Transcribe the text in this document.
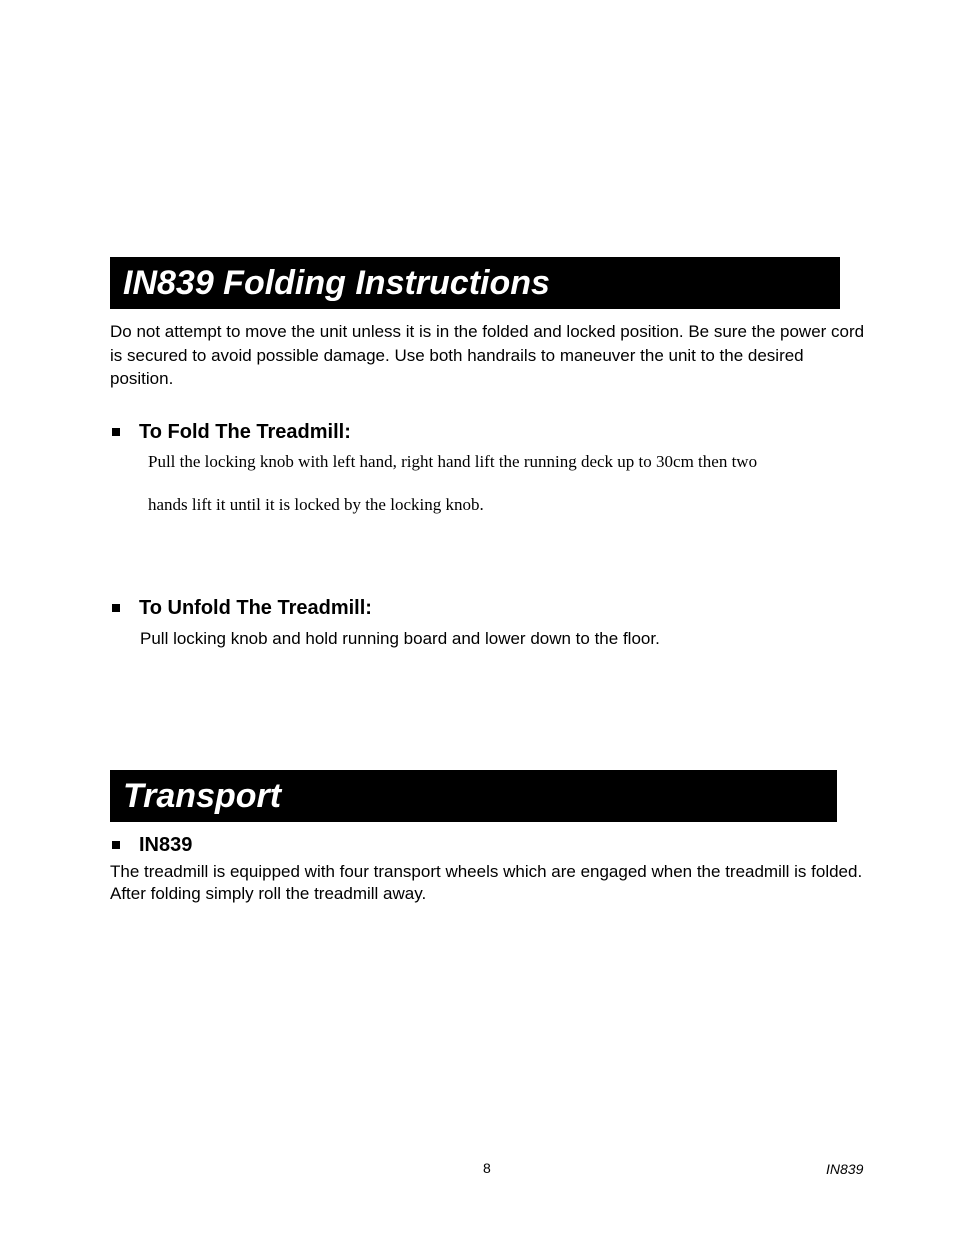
IN839 Folding Instructions

Do not attempt to move the unit unless it is in the folded and locked position. Be sure the power cord is secured to avoid possible damage. Use both handrails to maneuver the unit to the desired position.

To Fold The Treadmill:
Pull the locking knob with left hand, right hand lift the running deck up to 30cm then two
hands lift it until it is locked by the locking knob.
To Unfold The Treadmill:

Pull locking knob and hold running board and lower down to the floor.

Transport
IN839

The treadmill is equipped with four transport wheels which are engaged when the treadmill is folded. After folding simply roll the treadmill away.

8	IN839
